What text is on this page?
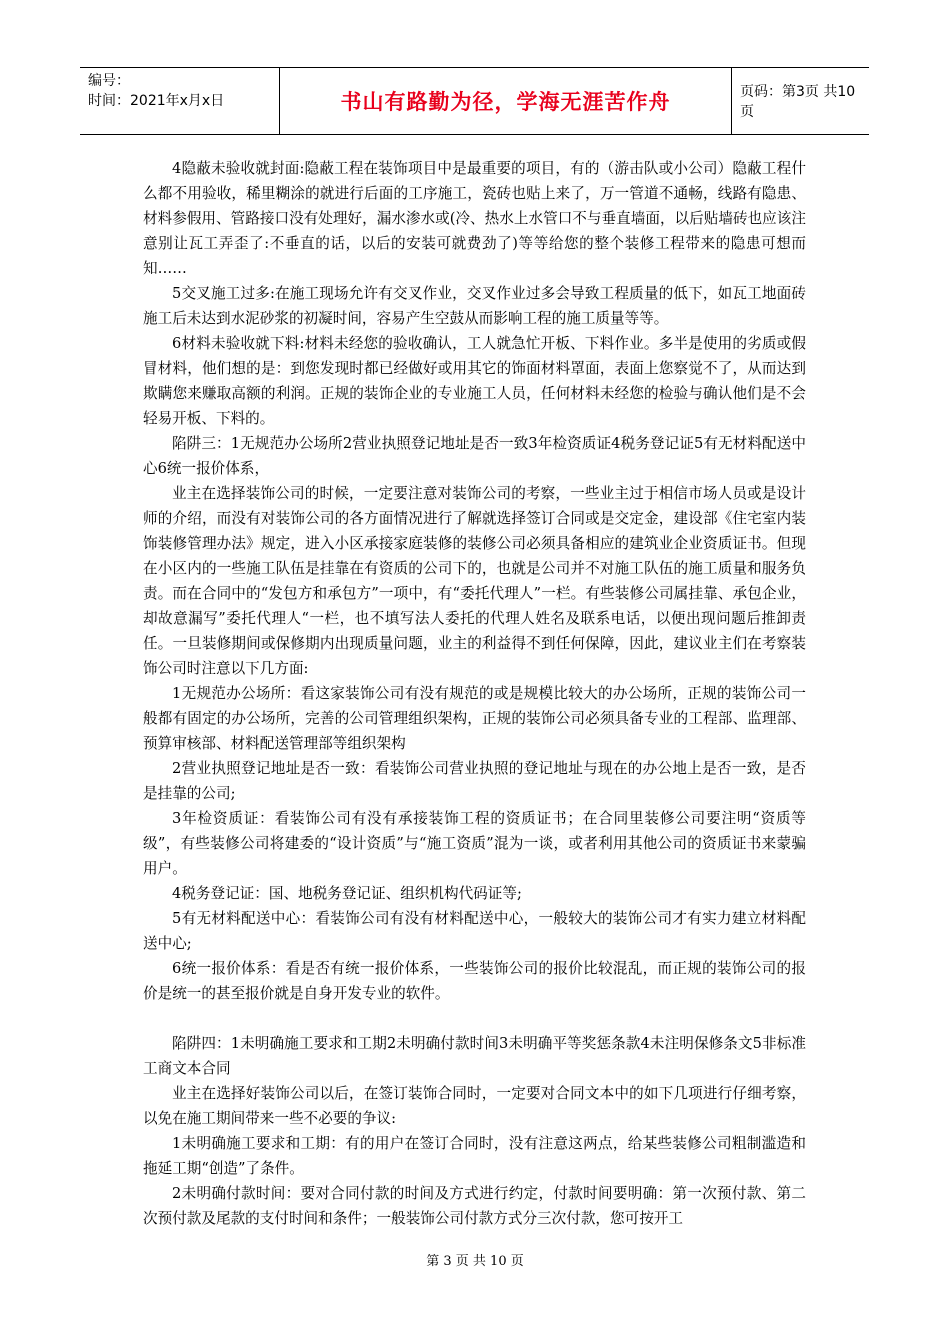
编号：
时间：2021年x月x日	书山有路勤为径，学海无涯苦作舟	页码：第3页 共10页

4隐蔽未验收就封面:隐蔽工程在装饰项目中是最重要的项目，有的（游击队或小公司）隐蔽工程什么都不用验收，稀里糊涂的就进行后面的工序施工，瓷砖也贴上来了，万一管道不通畅，线路有隐患、材料参假用、管路接口没有处理好，漏水渗水或(冷、热水上水管口不与垂直墙面，以后贴墙砖也应该注意别让瓦工弄歪了:不垂直的话，以后的安装可就费劲了)等等给您的整个装修工程带来的隐患可想而知……

5交叉施工过多:在施工现场允许有交叉作业，交叉作业过多会导致工程质量的低下，如瓦工地面砖施工后未达到水泥砂浆的初凝时间，容易产生空鼓从而影响工程的施工质量等等。

6材料未验收就下料:材料未经您的验收确认，工人就急忙开板、下料作业。多半是使用的劣质或假冒材料，他们想的是：到您发现时都已经做好或用其它的饰面材料罩面，表面上您察觉不了，从而达到欺瞒您来赚取高额的利润。正规的装饰企业的专业施工人员，任何材料未经您的检验与确认他们是不会轻易开板、下料的。

陷阱三：1无规范办公场所2营业执照登记地址是否一致3年检资质证4税务登记证5有无材料配送中心6统一报价体系，

业主在选择装饰公司的时候，一定要注意对装饰公司的考察，一些业主过于相信市场人员或是设计师的介绍，而没有对装饰公司的各方面情况进行了解就选择签订合同或是交定金，建设部《住宅室内装饰装修管理办法》规定，进入小区承接家庭装修的装修公司必须具备相应的建筑业企业资质证书。但现在小区内的一些施工队伍是挂靠在有资质的公司下的，也就是公司并不对施工队伍的施工质量和服务负责。而在合同中的“发包方和承包方”一项中，有“委托代理人”一栏。有些装修公司属挂靠、承包企业，却故意漏写”委托代理人“一栏，也不填写法人委托的代理人姓名及联系电话，以便出现问题后推卸责任。一旦装修期间或保修期内出现质量问题，业主的利益得不到任何保障，因此，建议业主们在考察装饰公司时注意以下几方面:

1无规范办公场所：看这家装饰公司有没有规范的或是规模比较大的办公场所，正规的装饰公司一般都有固定的办公场所，完善的公司管理组织架构，正规的装饰公司必须具备专业的工程部、监理部、预算审核部、材料配送管理部等组织架构

2营业执照登记地址是否一致：看装饰公司营业执照的登记地址与现在的办公地上是否一致，是否是挂靠的公司;

3年检资质证：看装饰公司有没有承接装饰工程的资质证书；在合同里装修公司要注明“资质等级”，有些装修公司将建委的“设计资质”与“施工资质”混为一谈，或者利用其他公司的资质证书来蒙骗用户。

4税务登记证：国、地税务登记证、组织机构代码证等;

5有无材料配送中心：看装饰公司有没有材料配送中心，一般较大的装饰公司才有实力建立材料配送中心;

6统一报价体系：看是否有统一报价体系，一些装饰公司的报价比较混乱，而正规的装饰公司的报价是统一的甚至报价就是自身开发专业的软件。

陷阱四：1未明确施工要求和工期2未明确付款时间3未明确平等奖惩条款4未注明保修条文5非标准工商文本合同

业主在选择好装饰公司以后，在签订装饰合同时，一定要对合同文本中的如下几项进行仔细考察，以免在施工期间带来一些不必要的争议:

1未明确施工要求和工期：有的用户在签订合同时，没有注意这两点，给某些装修公司粗制滥造和拖延工期“创造”了条件。

2未明确付款时间：要对合同付款的时间及方式进行约定，付款时间要明确：第一次预付款、第二次预付款及尾款的支付时间和条件；一般装饰公司付款方式分三次付款，您可按开工

第 3 页 共 10 页
